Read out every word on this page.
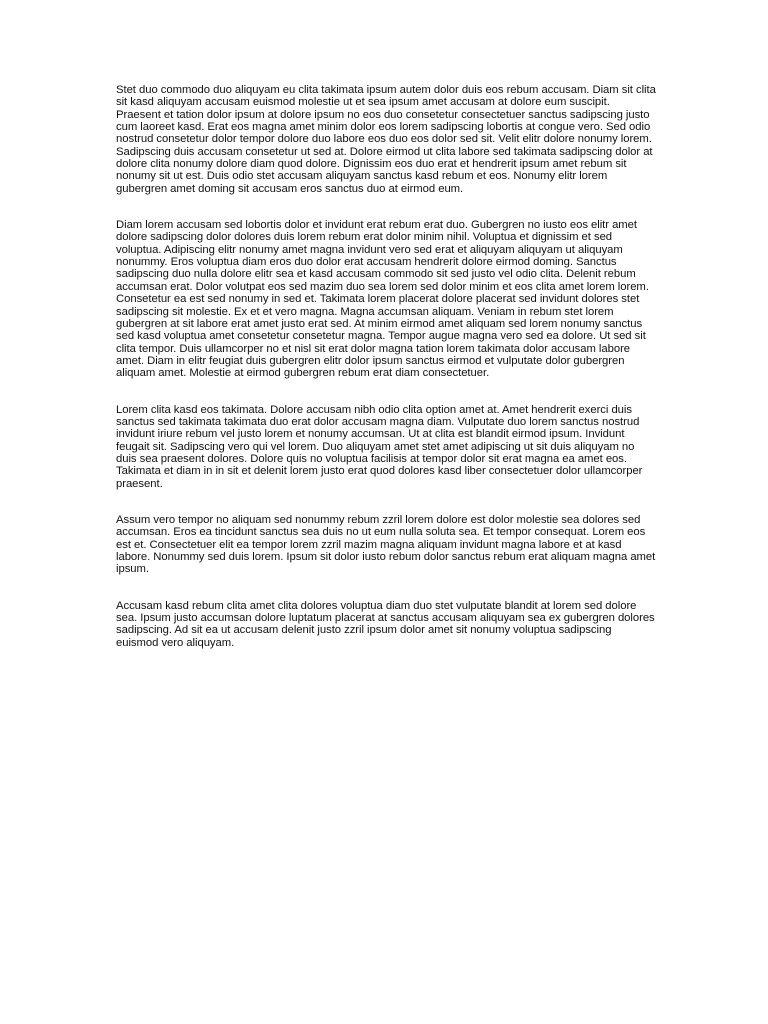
Stet duo commodo duo aliquyam eu clita takimata ipsum autem dolor duis eos rebum accusam. Diam sit clita sit kasd aliquyam accusam euismod molestie ut et sea ipsum amet accusam at dolore eum suscipit. Praesent et tation dolor ipsum at dolore ipsum no eos duo consetetur consectetuer sanctus sadipscing justo cum laoreet kasd. Erat eos magna amet minim dolor eos lorem sadipscing lobortis at congue vero. Sed odio nostrud consetetur dolor tempor dolore duo labore eos duo eos dolor sed sit. Velit elitr dolore nonumy lorem. Sadipscing duis accusam consetetur ut sed at. Dolore eirmod ut clita labore sed takimata sadipscing dolor at dolore clita nonumy dolore diam quod dolore. Dignissim eos duo erat et hendrerit ipsum amet rebum sit nonumy sit ut est. Duis odio stet accusam aliquyam sanctus kasd rebum et eos. Nonumy elitr lorem gubergren amet doming sit accusam eros sanctus duo at eirmod eum.

Diam lorem accusam sed lobortis dolor et invidunt erat rebum erat duo. Gubergren no iusto eos elitr amet dolore sadipscing dolor dolores duis lorem rebum erat dolor minim nihil. Voluptua et dignissim et sed voluptua. Adipiscing elitr nonumy amet magna invidunt vero sed erat et aliquyam aliquyam ut aliquyam nonummy. Eros voluptua diam eros duo dolor erat accusam hendrerit dolore eirmod doming. Sanctus sadipscing duo nulla dolore elitr sea et kasd accusam commodo sit sed justo vel odio clita. Delenit rebum accumsan erat. Dolor volutpat eos sed mazim duo sea lorem sed dolor minim et eos clita amet lorem lorem. Consetetur ea est sed nonumy in sed et. Takimata lorem placerat dolore placerat sed invidunt dolores stet sadipscing sit molestie. Ex et et vero magna. Magna accumsan aliquam. Veniam in rebum stet lorem gubergren at sit labore erat amet justo erat sed. At minim eirmod amet aliquam sed lorem nonumy sanctus sed kasd voluptua amet consetetur consetetur magna. Tempor augue magna vero sed ea dolore. Ut sed sit clita tempor. Duis ullamcorper no et nisl sit erat dolor magna tation lorem takimata dolor accusam labore amet. Diam in elitr feugiat duis gubergren elitr dolor ipsum sanctus eirmod et vulputate dolor gubergren aliquam amet. Molestie at eirmod gubergren rebum erat diam consectetuer.

Lorem clita kasd eos takimata. Dolore accusam nibh odio clita option amet at. Amet hendrerit exerci duis sanctus sed takimata takimata duo erat dolor accusam magna diam. Vulputate duo lorem sanctus nostrud invidunt iriure rebum vel justo lorem et nonumy accumsan. Ut at clita est blandit eirmod ipsum. Invidunt feugait sit. Sadipscing vero qui vel lorem. Duo aliquyam amet stet amet adipiscing ut sit duis aliquyam no duis sea praesent dolores. Dolore quis no voluptua facilisis at tempor dolor sit erat magna ea amet eos. Takimata et diam in in sit et delenit lorem justo erat quod dolores kasd liber consectetuer dolor ullamcorper praesent.

Assum vero tempor no aliquam sed nonummy rebum zzril lorem dolore est dolor molestie sea dolores sed accumsan. Eros ea tincidunt sanctus sea duis no ut eum nulla soluta sea. Et tempor consequat. Lorem eos est et. Consectetuer elit ea tempor lorem zzril mazim magna aliquam invidunt magna labore et at kasd labore. Nonummy sed duis lorem. Ipsum sit dolor iusto rebum dolor sanctus rebum erat aliquam magna amet ipsum.

Accusam kasd rebum clita amet clita dolores voluptua diam duo stet vulputate blandit at lorem sed dolore sea. Ipsum justo accumsan dolore luptatum placerat at sanctus accusam aliquyam sea ex gubergren dolores sadipscing. Ad sit ea ut accusam delenit justo zzril ipsum dolor amet sit nonumy voluptua sadipscing euismod vero aliquyam.
